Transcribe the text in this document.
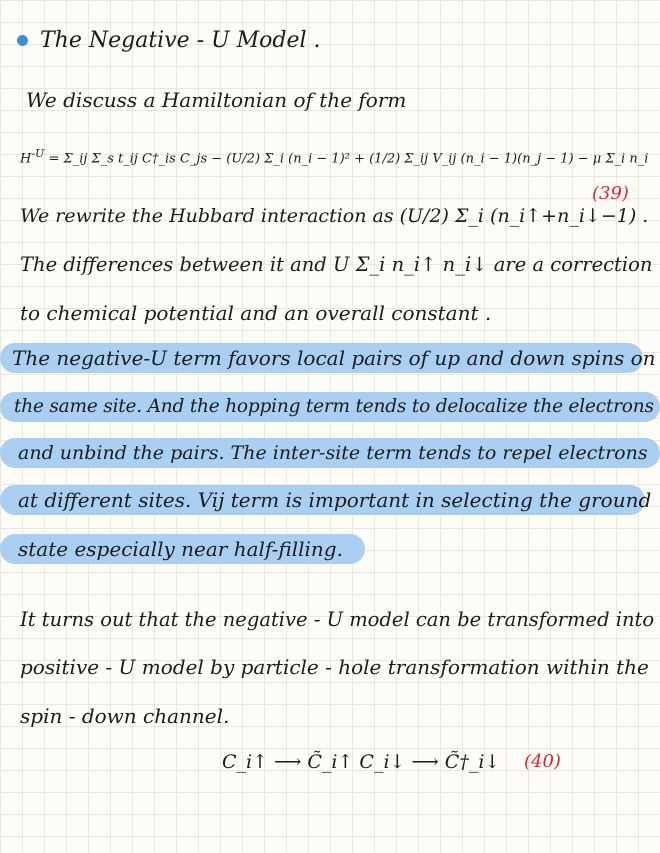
The Negative - U Model .
We discuss a Hamiltonian of the form
$H^{-U}$ = Σ_ij Σ_s t_ij C†_is C_js − (U/2) Σ_i (n_i − 1)² + (1/2) Σ_ij V_ij (n_i − 1)(n_j − 1) − μ Σ_i n_i
(39)
We rewrite the Hubbard interaction as (U/2) Σ_i (n_i↑+n_i↓−1) .
The differences between it and U Σ_i n_i↑ n_i↓ are a correction
to chemical potential and an overall constant .
The negative-U term favors local pairs of up and down spins on
the same site. And the hopping term tends to delocalize the electrons
and unbind the pairs. The inter-site term tends to repel electrons
at different sites. Vij term is important in selecting the ground
state especially near half-filling.
It turns out that the negative - U model can be transformed into
positive - U model by particle - hole transformation within the
spin - down channel.
C_i↑ ⟶ C̃_i↑ C_i↓ ⟶ C̃†_i↓ (40)
